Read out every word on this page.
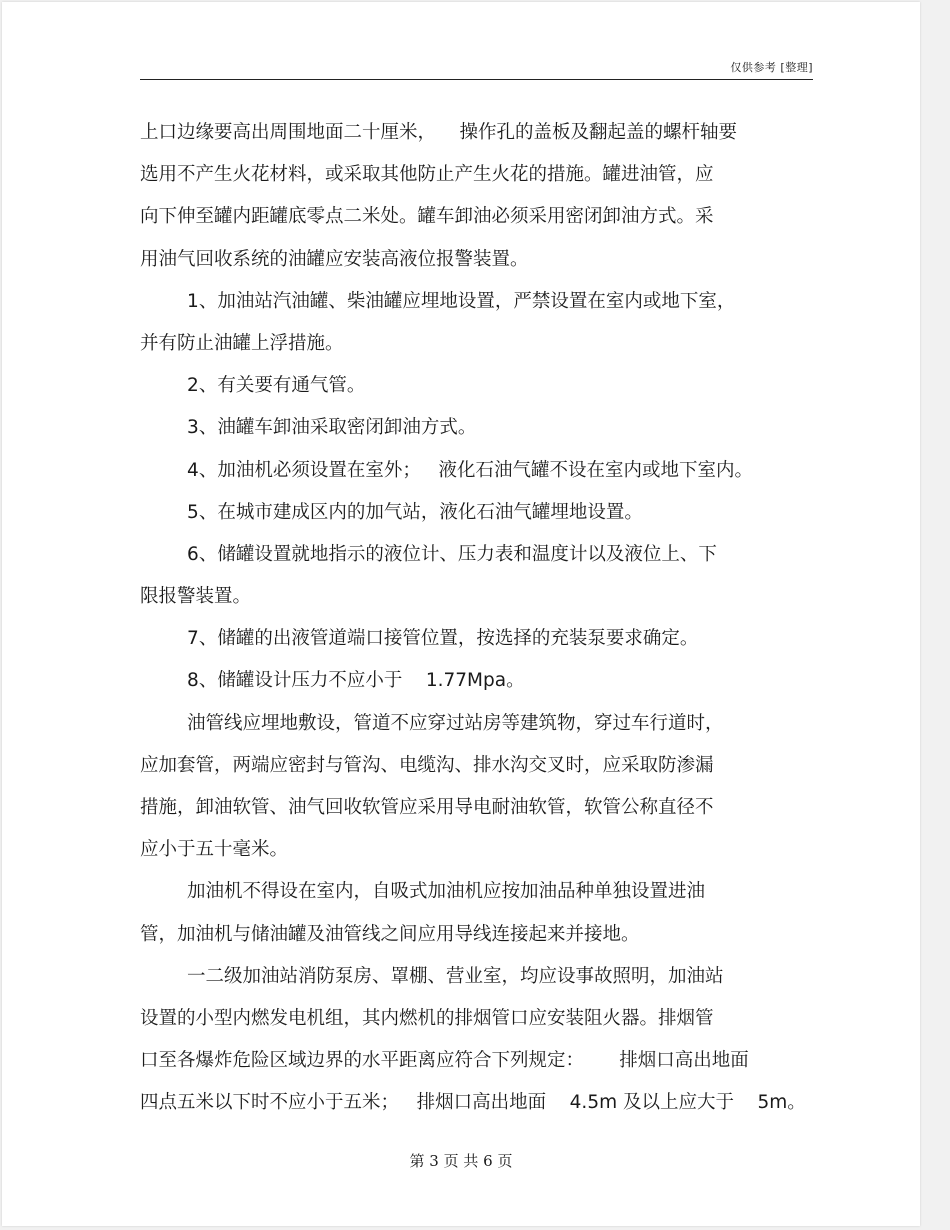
仅供参考 [整理]
上口边缘要高出周围地面二十厘米，    操作孔的盖板及翻起盖的螺杆轴要
选用不产生火花材料，或采取其他防止产生火花的措施。罐进油管，应
向下伸至罐内距罐底零点二米处。罐车卸油必须采用密闭卸油方式。采
用油气回收系统的油罐应安装高液位报警装置。
1、加油站汽油罐、柴油罐应埋地设置，严禁设置在室内或地下室，
并有防止油罐上浮措施。
2、有关要有通气管。
3、油罐车卸油采取密闭卸油方式。
4、加油机必须设置在室外；   液化石油气罐不设在室内或地下室内。
5、在城市建成区内的加气站，液化石油气罐埋地设置。
6、储罐设置就地指示的液位计、压力表和温度计以及液位上、下
限报警装置。
7、储罐的出液管道端口接管位置，按选择的充装泵要求确定。
8、储罐设计压力不应小于    1.77Mpa。
油管线应埋地敷设，管道不应穿过站房等建筑物，穿过车行道时，
应加套管，两端应密封与管沟、电缆沟、排水沟交叉时，应采取防渗漏
措施，卸油软管、油气回收软管应采用导电耐油软管，软管公称直径不
应小于五十毫米。
加油机不得设在室内，自吸式加油机应按加油品种单独设置进油
管，加油机与储油罐及油管线之间应用导线连接起来并接地。
一二级加油站消防泵房、罩棚、营业室，均应设事故照明，加油站
设置的小型内燃发电机组，其内燃机的排烟管口应安装阻火器。排烟管
口至各爆炸危险区域边界的水平距离应符合下列规定：      排烟口高出地面
四点五米以下时不应小于五米；   排烟口高出地面    4.5m 及以上应大于    5m。
第 3 页 共 6 页
